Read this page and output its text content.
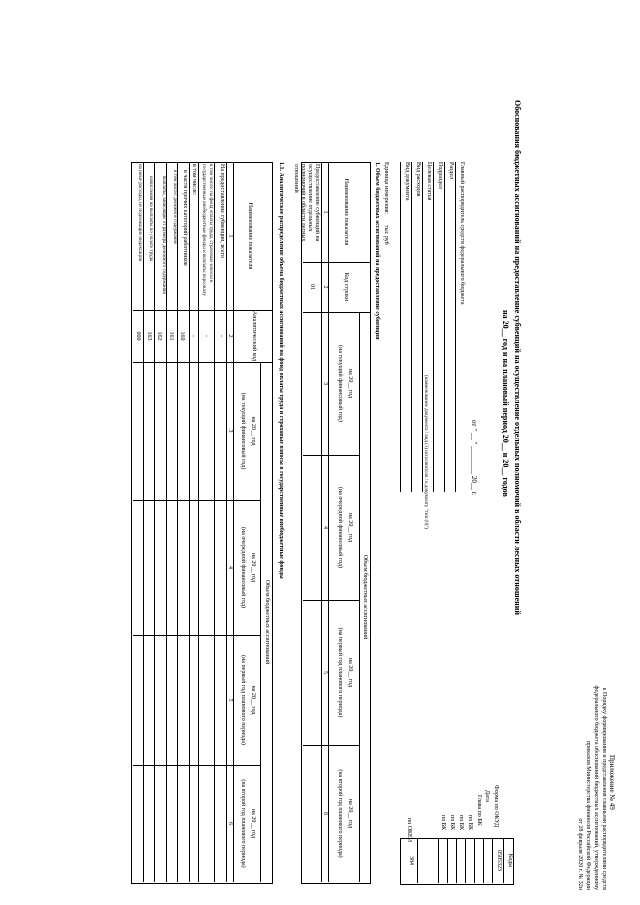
Приложение № 49
к Порядку формирования и представления главными распорядителями средств
федерального бюджета обоснований бюджетных ассигнований, утвержденному
приказом Министерства финансов Российской Федерации
от 28 февраля 2020 г. № 32н
Обоснования бюджетных ассигнований на предоставление субвенций на осуществление отдельных полномочий в области лесных отношений
на 20__ год и на плановый период 20__ и 20__ годов
от " __ " ________ 20__ г.
(наименование документа / вид (1) исполнителя / к документу "тип (0)")
Форма по ОКУД
Дата
Глава по БК
по БК
по БК
по БК
по БК
по ОКЕИ
Коды
0505323
384
Главный распорядитель средств федерального бюджета
Раздел
Подраздел
Целевая статья
Вид расходов
Вид документа
Единица измерения:
тыс руб
1. Объем бюджетных ассигнований на предоставление субвенции
Наименование показателя
Код строки
Объем бюджетных ассигнований
на 20__ год
(на текущий финансовый год)
на 20__ год
(на очередной финансовый год)
на 20__ год
(на первый год планового периода)
на 20__ год
(на второй год планового периода)
1
2
3
4
5
6
Предоставление субвенций на осуществление отдельных полномочий в области лесных отношений
01
1.1. Аналитическое распределение объема бюджетных ассигнований на фонд оплаты труда и страховые взносы в государственные внебюджетные фонды
Наименование показателя
Аналитический код
Объем бюджетных ассигнований
на 20__ год
(на текущий финансовый год)
на 20__ год
(на очередной финансовый год)
на 20__ год
(на первый год планового периода)
на 20__ год
(на второй год планового периода)
1
2
3
4
5
6
На предоставление субвенции, всего
-
в том числе: на фонд оплаты труда, страховые взносы в государственные внебюджетные фонды и выплаты персоналу
-
в том числе:
-
в части прочих категорий работников
160
в том числе: денежное содержание
161
выплаты, зависящие от размера денежного содержания
162
начисления на выплаты по оплате труда
163
на иные расходы, не подлежащие индексации
000
